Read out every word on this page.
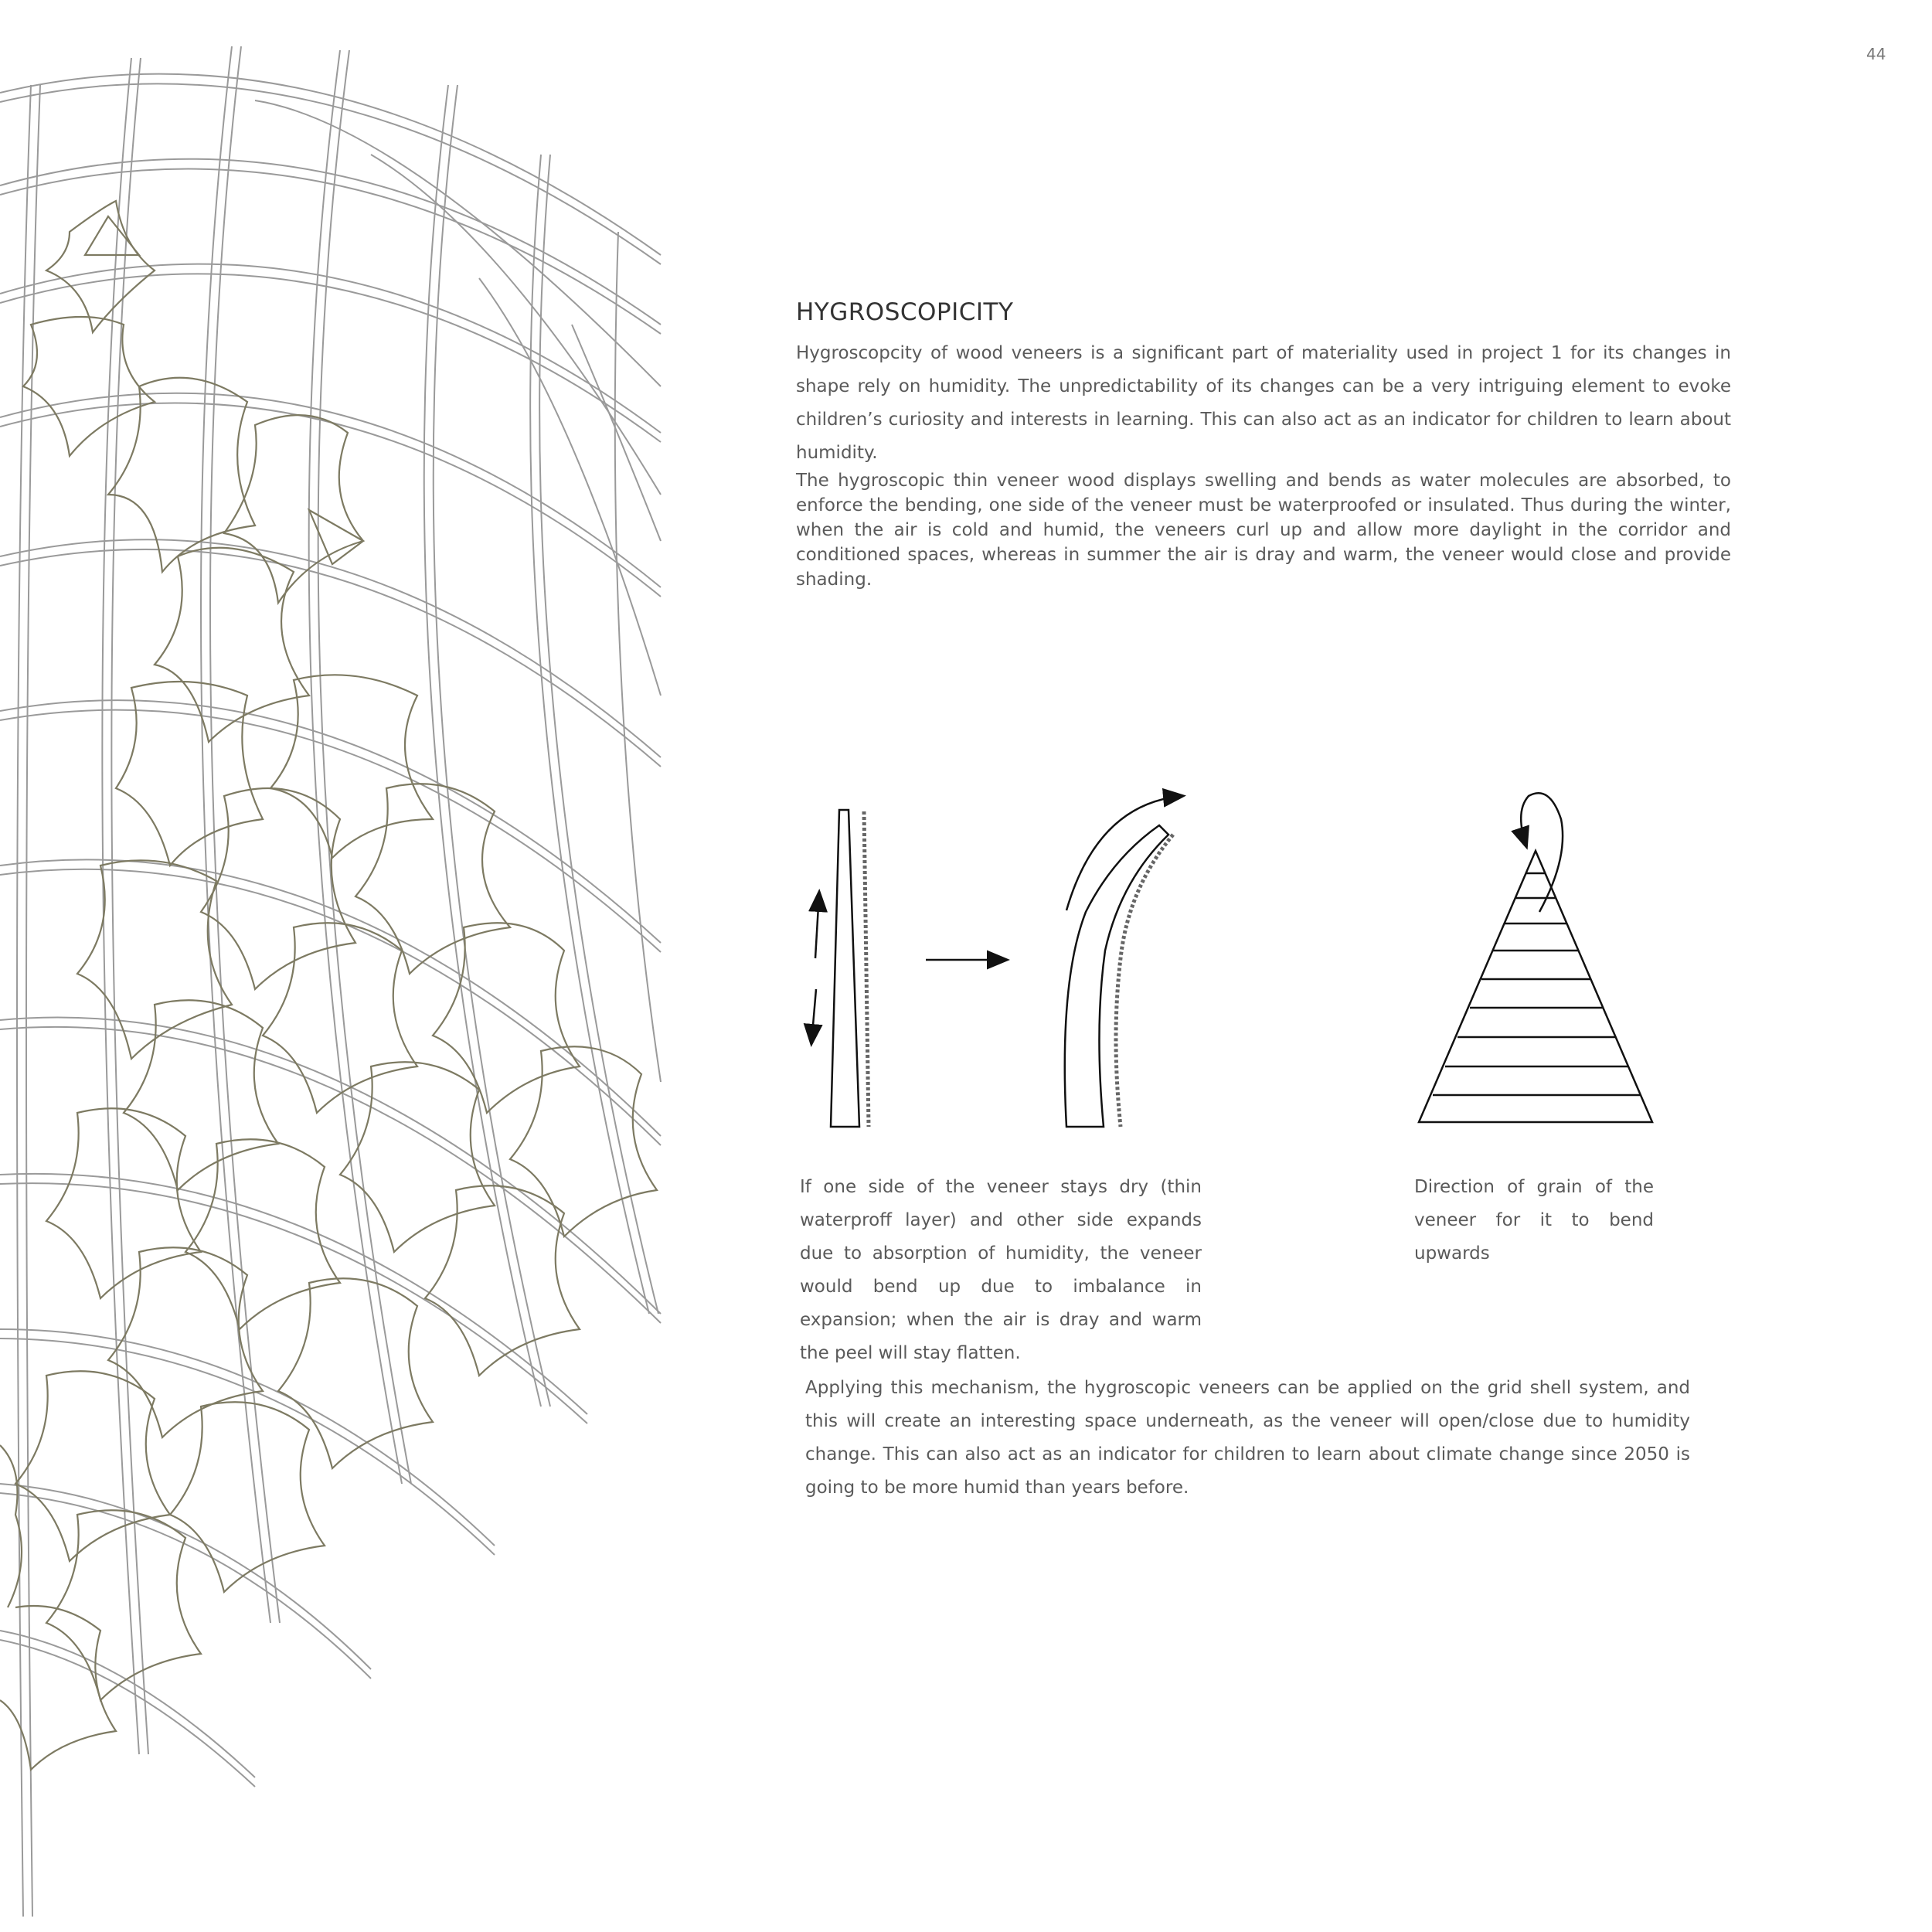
44
HYGROSCOPICITY

Hygroscopcity of wood veneers is a significant part of materiality used in project 1 for its changes in shape rely on humidity. The unpredictability of its changes can be a very intriguing element to evoke children’s curiosity and interests in learning. This can also act as an indicator for children to learn about humidity.

The hygroscopic thin veneer wood displays swelling and bends as water molecules are absorbed, to enforce the bending, one side of the veneer must be waterproofed or insulated. Thus during the winter, when the air is cold and humid, the veneers curl up and allow more daylight in the corridor and conditioned spaces, whereas in summer the air is dray and warm, the veneer would close and provide shading.

If one side of the veneer stays dry (thin waterproff layer) and other side expands due to absorption of humidity, the veneer would bend up due to imbalance in expansion; when the air is dray and warm the peel will stay flatten.

Direction of grain of the veneer for it to bend upwards

Applying this mechanism, the hygroscopic veneers can be applied on the grid shell system, and this will create an interesting space underneath, as the veneer will open/close due to humidity change. This can also act as an indicator for children to learn about climate change since 2050 is going to be more humid than years before.
